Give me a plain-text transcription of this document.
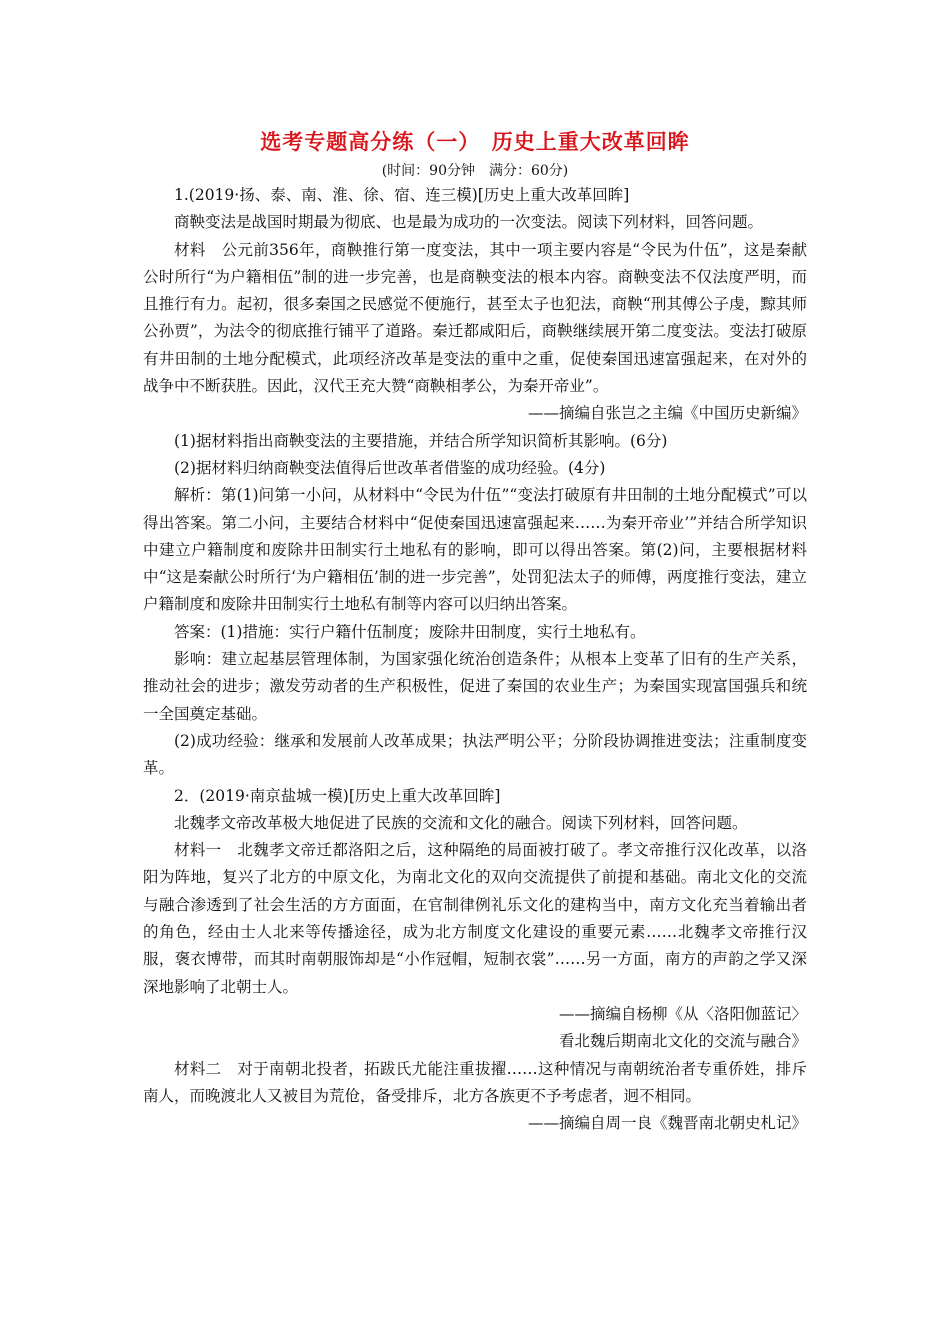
选考专题高分练（一）　历史上重大改革回眸
(时间：90分钟　满分：60分)

1.(2019·扬、泰、南、淮、徐、宿、连三模)[历史上重大改革回眸]

商鞅变法是战国时期最为彻底、也是最为成功的一次变法。阅读下列材料，回答问题。

材料　公元前356年，商鞅推行第一度变法，其中一项主要内容是“令民为什伍”，这是秦献公时所行“为户籍相伍”制的进一步完善，也是商鞅变法的根本内容。商鞅变法不仅法度严明，而且推行有力。起初，很多秦国之民感觉不便施行，甚至太子也犯法，商鞅“刑其傅公子虔，黥其师公孙贾”，为法令的彻底推行铺平了道路。秦迁都咸阳后，商鞅继续展开第二度变法。变法打破原有井田制的土地分配模式，此项经济改革是变法的重中之重，促使秦国迅速富强起来，在对外的战争中不断获胜。因此，汉代王充大赞“商鞅相孝公，为秦开帝业”。

——摘编自张岂之主编《中国历史新编》

(1)据材料指出商鞅变法的主要措施，并结合所学知识简析其影响。(6分)

(2)据材料归纳商鞅变法值得后世改革者借鉴的成功经验。(4分)

解析：第(1)问第一小问，从材料中“令民为什伍”“变法打破原有井田制的土地分配模式”可以得出答案。第二小问，主要结合材料中“促使秦国迅速富强起来……为秦开帝业’”并结合所学知识中建立户籍制度和废除井田制实行土地私有的影响，即可以得出答案。第(2)问，主要根据材料中“这是秦献公时所行‘为户籍相伍’制的进一步完善”，处罚犯法太子的师傅，两度推行变法，建立户籍制度和废除井田制实行土地私有制等内容可以归纳出答案。

答案：(1)措施：实行户籍什伍制度；废除井田制度，实行土地私有。

影响：建立起基层管理体制，为国家强化统治创造条件；从根本上变革了旧有的生产关系，推动社会的进步；激发劳动者的生产积极性，促进了秦国的农业生产；为秦国实现富国强兵和统一全国奠定基础。

(2)成功经验：继承和发展前人改革成果；执法严明公平；分阶段协调推进变法；注重制度变革。

2．(2019·南京盐城一模)[历史上重大改革回眸]

北魏孝文帝改革极大地促进了民族的交流和文化的融合。阅读下列材料，回答问题。

材料一　北魏孝文帝迁都洛阳之后，这种隔绝的局面被打破了。孝文帝推行汉化改革，以洛阳为阵地，复兴了北方的中原文化，为南北文化的双向交流提供了前提和基础。南北文化的交流与融合渗透到了社会生活的方方面面，在官制律例礼乐文化的建构当中，南方文化充当着输出者的角色，经由士人北来等传播途径，成为北方制度文化建设的重要元素……北魏孝文帝推行汉服，褒衣博带，而其时南朝服饰却是“小作冠帽，短制衣裳”……另一方面，南方的声韵之学又深深地影响了北朝士人。

——摘编自杨柳《从〈洛阳伽蓝记〉

看北魏后期南北文化的交流与融合》

材料二　对于南朝北投者，拓跋氏尤能注重拔擢……这种情况与南朝统治者专重侨姓，排斥南人，而晚渡北人又被目为荒伧，备受排斥，北方各族更不予考虑者，迥不相同。

——摘编自周一良《魏晋南北朝史札记》
